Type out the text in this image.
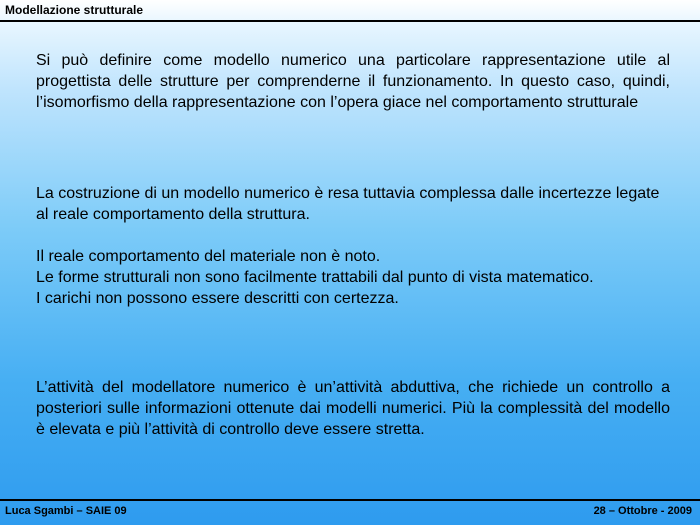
Modellazione strutturale

Si può definire come modello numerico una particolare rappresentazione utile al progettista delle strutture per comprenderne il funzionamento. In questo caso, quindi, l’isomorfismo della rappresentazione con l’opera giace nel comportamento strutturale

La costruzione di un modello numerico è resa tuttavia complessa dalle incertezze legate al reale comportamento della struttura.

Il reale comportamento del materiale non è noto.

Le forme strutturali non sono facilmente trattabili dal punto di vista matematico.

I carichi non possono essere descritti con certezza.

L’attività del modellatore numerico è un’attività abduttiva, che richiede un controllo a posteriori sulle informazioni ottenute dai modelli numerici. Più la complessità del modello è elevata e più l’attività di controllo deve essere stretta.

Luca Sgambi – SAIE 09	28 – Ottobre - 2009
